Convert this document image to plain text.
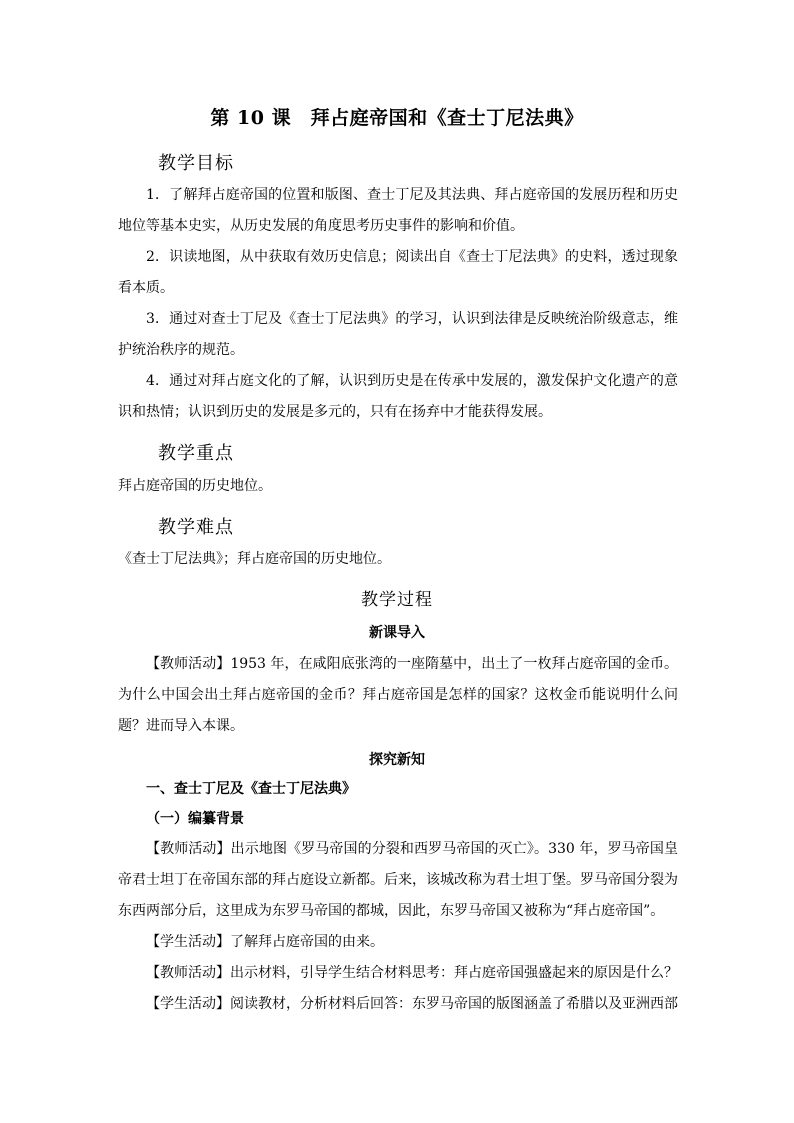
第 10 课　拜占庭帝国和《查士丁尼法典》
教学目标
1．了解拜占庭帝国的位置和版图、查士丁尼及其法典、拜占庭帝国的发展历程和历史地位等基本史实，从历史发展的角度思考历史事件的影响和价值。
2．识读地图，从中获取有效历史信息；阅读出自《查士丁尼法典》的史料，透过现象看本质。
3．通过对查士丁尼及《查士丁尼法典》的学习，认识到法律是反映统治阶级意志，维护统治秩序的规范。
4．通过对拜占庭文化的了解，认识到历史是在传承中发展的，激发保护文化遗产的意识和热情；认识到历史的发展是多元的，只有在扬弃中才能获得发展。
教学重点
拜占庭帝国的历史地位。
教学难点
《查士丁尼法典》；拜占庭帝国的历史地位。
教学过程
新课导入
【教师活动】1953 年，在咸阳底张湾的一座隋墓中，出土了一枚拜占庭帝国的金币。为什么中国会出土拜占庭帝国的金币？拜占庭帝国是怎样的国家？这枚金币能说明什么问题？进而导入本课。
探究新知
一、查士丁尼及《查士丁尼法典》
（一）编纂背景
【教师活动】出示地图《罗马帝国的分裂和西罗马帝国的灭亡》。330 年，罗马帝国皇帝君士坦丁在帝国东部的拜占庭设立新都。后来，该城改称为君士坦丁堡。罗马帝国分裂为东西两部分后，这里成为东罗马帝国的都城，因此，东罗马帝国又被称为“拜占庭帝国”。
【学生活动】了解拜占庭帝国的由来。
【教师活动】出示材料，引导学生结合材料思考：拜占庭帝国强盛起来的原因是什么？
【学生活动】阅读教材，分析材料后回答：东罗马帝国的版图涵盖了希腊以及亚洲西部
